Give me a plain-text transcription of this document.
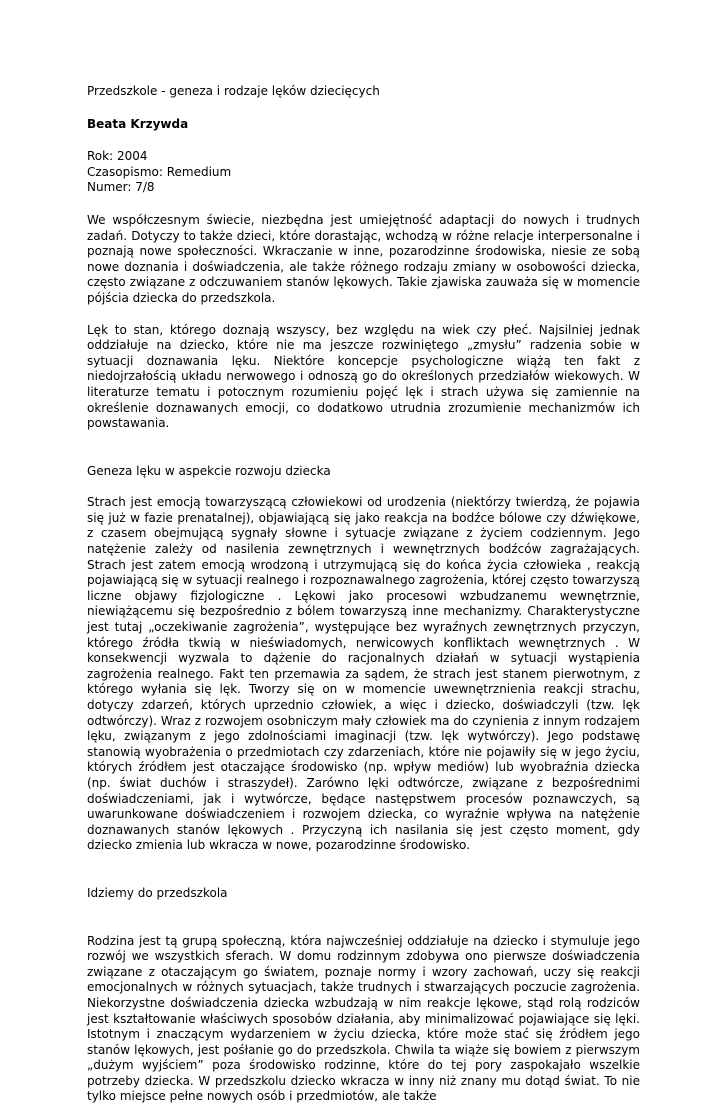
Przedszkole - geneza i rodzaje lęków dziecięcych

Beata Krzywda

Rok: 2004

Czasopismo: Remedium

Numer: 7/8

We współczesnym świecie, niezbędna jest umiejętność adaptacji do nowych i trudnych zadań. Dotyczy to także dzieci, które dorastając, wchodzą w różne relacje interpersonalne i poznają nowe społeczności. Wkraczanie w inne, pozarodzinne środowiska, niesie ze sobą nowe doznania i doświadczenia, ale także różnego rodzaju zmiany w osobowości dziecka, często związane z odczuwaniem stanów lękowych. Takie zjawiska zauważa się w momencie pójścia dziecka do przedszkola.

Lęk to stan, którego doznają wszyscy, bez względu na wiek czy płeć. Najsilniej jednak oddziałuje na dziecko, które nie ma jeszcze rozwiniętego „zmysłu” radzenia sobie w sytuacji doznawania lęku. Niektóre koncepcje psychologiczne wiążą ten fakt z niedojrzałością układu nerwowego i odnoszą go do określonych przedziałów wiekowych. W literaturze tematu i potocznym rozumieniu pojęć lęk i strach używa się zamiennie na określenie doznawanych emocji, co dodatkowo utrudnia zrozumienie mechanizmów ich powstawania.

Geneza lęku w aspekcie rozwoju dziecka

Strach jest emocją towarzyszącą człowiekowi od urodzenia (niektórzy twierdzą, że pojawia się już w fazie prenatalnej), objawiającą się jako reakcja na bodźce bólowe czy dźwiękowe, z czasem obejmującą sygnały słowne i sytuacje związane z życiem codziennym. Jego natężenie zależy od nasilenia zewnętrznych i wewnętrznych bodźców zagrażających. Strach jest zatem emocją wrodzoną i utrzymującą się do końca życia człowieka , reakcją pojawiającą się w sytuacji realnego i rozpoznawalnego zagrożenia, której często towarzyszą liczne objawy fizjologiczne . Lękowi jako procesowi wzbudzanemu wewnętrznie, niewiążącemu się bezpośrednio z bólem towarzyszą inne mechanizmy. Charakterystyczne jest tutaj „oczekiwanie zagrożenia”, występujące bez wyraźnych zewnętrznych przyczyn, którego źródła tkwią w nieświadomych, nerwicowych konfliktach wewnętrznych . W konsekwencji wyzwala to dążenie do racjonalnych działań w sytuacji wystąpienia zagrożenia realnego. Fakt ten przemawia za sądem, że strach jest stanem pierwotnym, z którego wyłania się lęk. Tworzy się on w momencie uwewnętrznienia reakcji strachu, dotyczy zdarzeń, których uprzednio człowiek, a więc i dziecko, doświadczyli (tzw. lęk odtwórczy). Wraz z rozwojem osobniczym mały człowiek ma do czynienia z innym rodzajem lęku, związanym z jego zdolnościami imaginacji (tzw. lęk wytwórczy). Jego podstawę stanowią wyobrażenia o przedmiotach czy zdarzeniach, które nie pojawiły się w jego życiu, których źródłem jest otaczające środowisko (np. wpływ mediów) lub wyobraźnia dziecka (np. świat duchów i straszydeł). Zarówno lęki odtwórcze, związane z bezpośrednimi doświadczeniami, jak i wytwórcze, będące następstwem procesów poznawczych, są uwarunkowane doświadczeniem i rozwojem dziecka, co wyraźnie wpływa na natężenie doznawanych stanów lękowych . Przyczyną ich nasilania się jest często moment, gdy dziecko zmienia lub wkracza w nowe, pozarodzinne środowisko.

Idziemy do przedszkola

Rodzina jest tą grupą społeczną, która najwcześniej oddziałuje na dziecko i stymuluje jego rozwój we wszystkich sferach. W domu rodzinnym zdobywa ono pierwsze doświadczenia związane z otaczającym go światem, poznaje normy i wzory zachowań, uczy się reakcji emocjonalnych w różnych sytuacjach, także trudnych i stwarzających poczucie zagrożenia. Niekorzystne doświadczenia dziecka wzbudzają w nim reakcje lękowe, stąd rolą rodziców jest kształtowanie właściwych sposobów działania, aby minimalizować pojawiające się lęki. Istotnym i znaczącym wydarzeniem w życiu dziecka, które może stać się źródłem jego stanów lękowych, jest pośłanie go do przedszkola. Chwila ta wiąże się bowiem z pierwszym „dużym wyjściem” poza środowisko rodzinne, które do tej pory zaspokajało wszelkie potrzeby dziecka. W przedszkolu dziecko wkracza w inny niż znany mu dotąd świat. To nie tylko miejsce pełne nowych osób i przedmiotów, ale także
